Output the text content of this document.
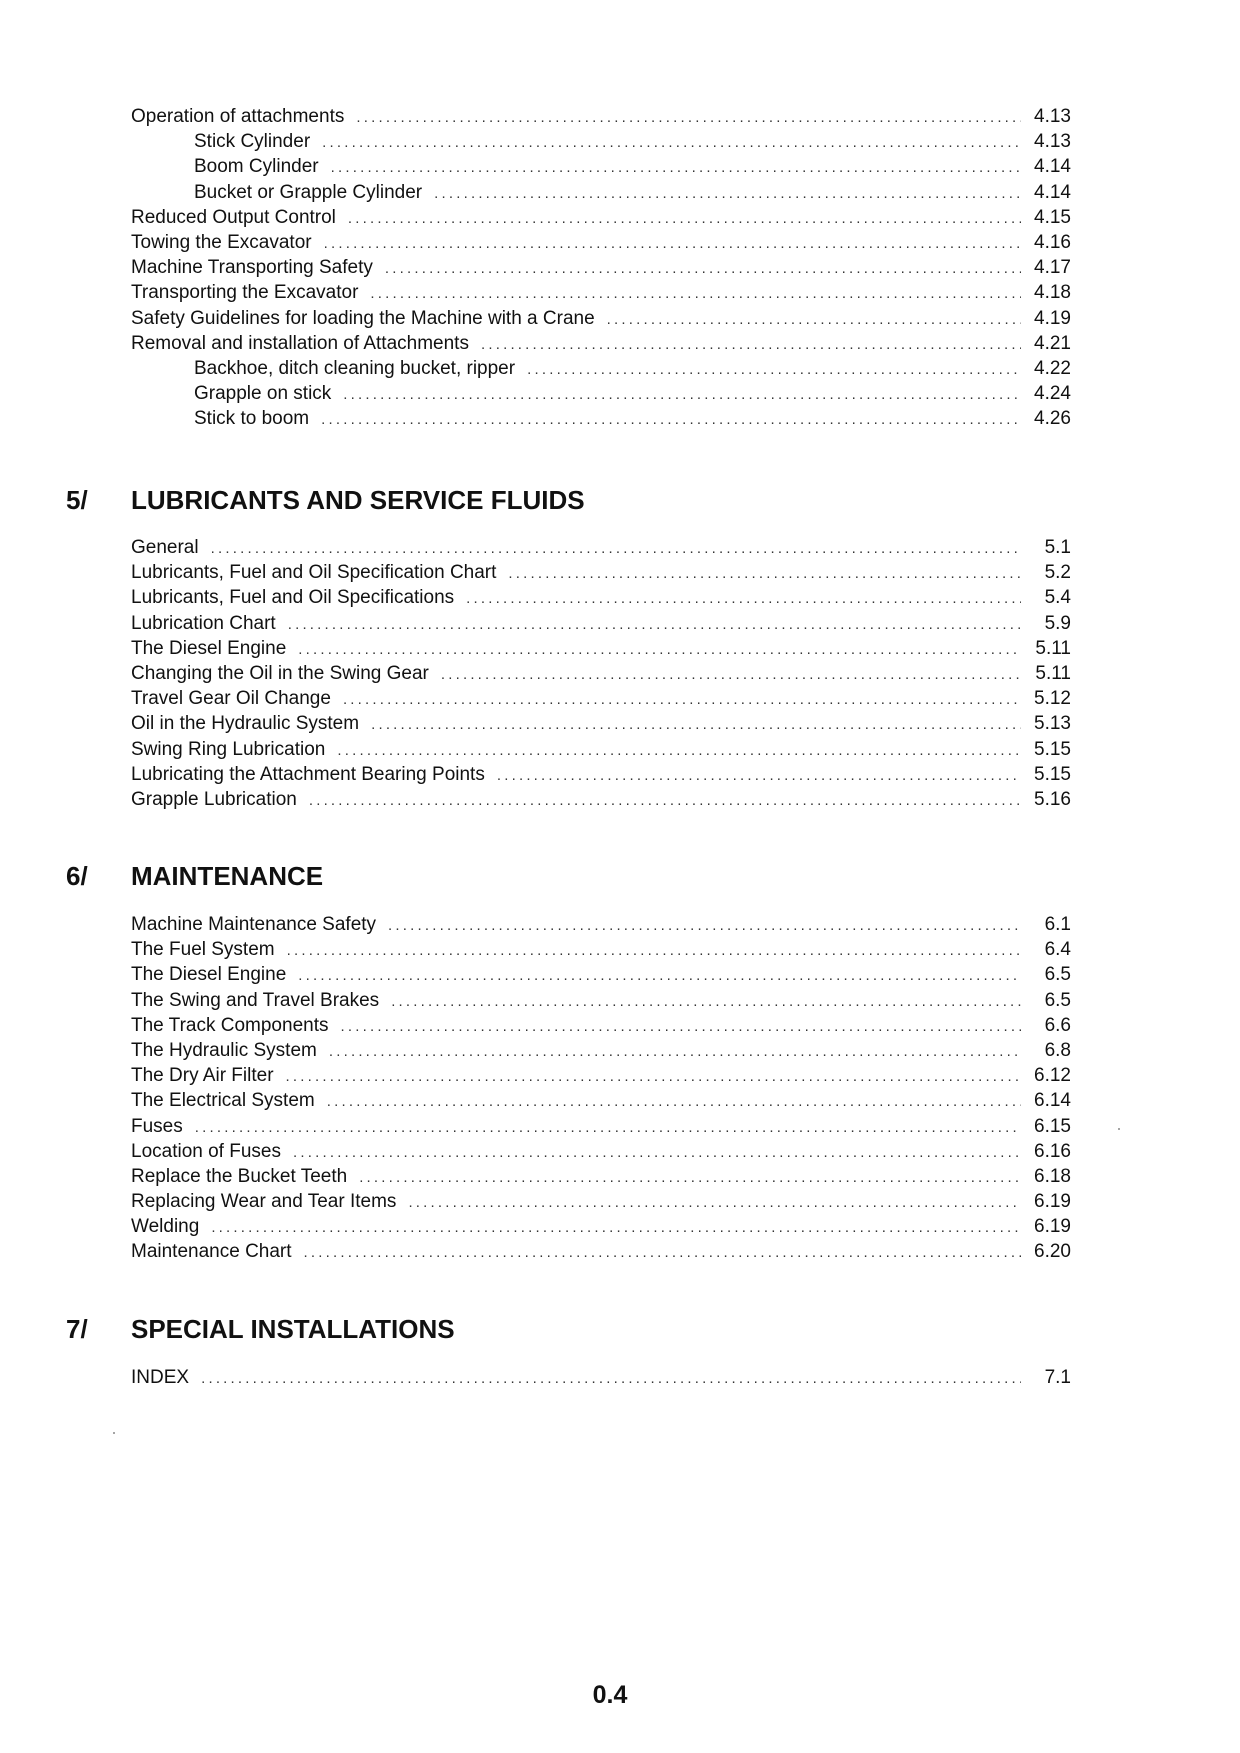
Operation of attachments .....	4.13
Stick Cylinder .....	4.13
Boom Cylinder .....	4.14
Bucket or Grapple Cylinder .....	4.14
Reduced Output Control .....	4.15
Towing the Excavator .....	4.16
Machine Transporting Safety .....	4.17
Transporting the Excavator .....	4.18
Safety Guidelines for loading the Machine with a Crane .....	4.19
Removal and installation of Attachments .....	4.21
Backhoe, ditch cleaning bucket, ripper .....	4.22
Grapple on stick .....	4.24
Stick to boom .....	4.26
5/	LUBRICANTS AND SERVICE FLUIDS
General .....	5.1
Lubricants, Fuel and Oil Specification Chart .....	5.2
Lubricants, Fuel and Oil Specifications .....	5.4
Lubrication Chart .....	5.9
The Diesel Engine .....	5.11
Changing the Oil in the Swing Gear .....	5.11
Travel Gear Oil Change .....	5.12
Oil in the Hydraulic System .....	5.13
Swing Ring Lubrication .....	5.15
Lubricating the Attachment Bearing Points .....	5.15
Grapple Lubrication .....	5.16
6/	MAINTENANCE
Machine Maintenance Safety .....	6.1
The Fuel System .....	6.4
The Diesel Engine .....	6.5
The Swing and Travel Brakes .....	6.5
The Track Components .....	6.6
The Hydraulic System .....	6.8
The Dry Air Filter .....	6.12
The Electrical System .....	6.14
Fuses .....	6.15
Location of Fuses .....	6.16
Replace the Bucket Teeth .....	6.18
Replacing Wear and Tear Items .....	6.19
Welding .....	6.19
Maintenance Chart .....	6.20
7/	SPECIAL INSTALLATIONS
INDEX .....	7.1
0.4
